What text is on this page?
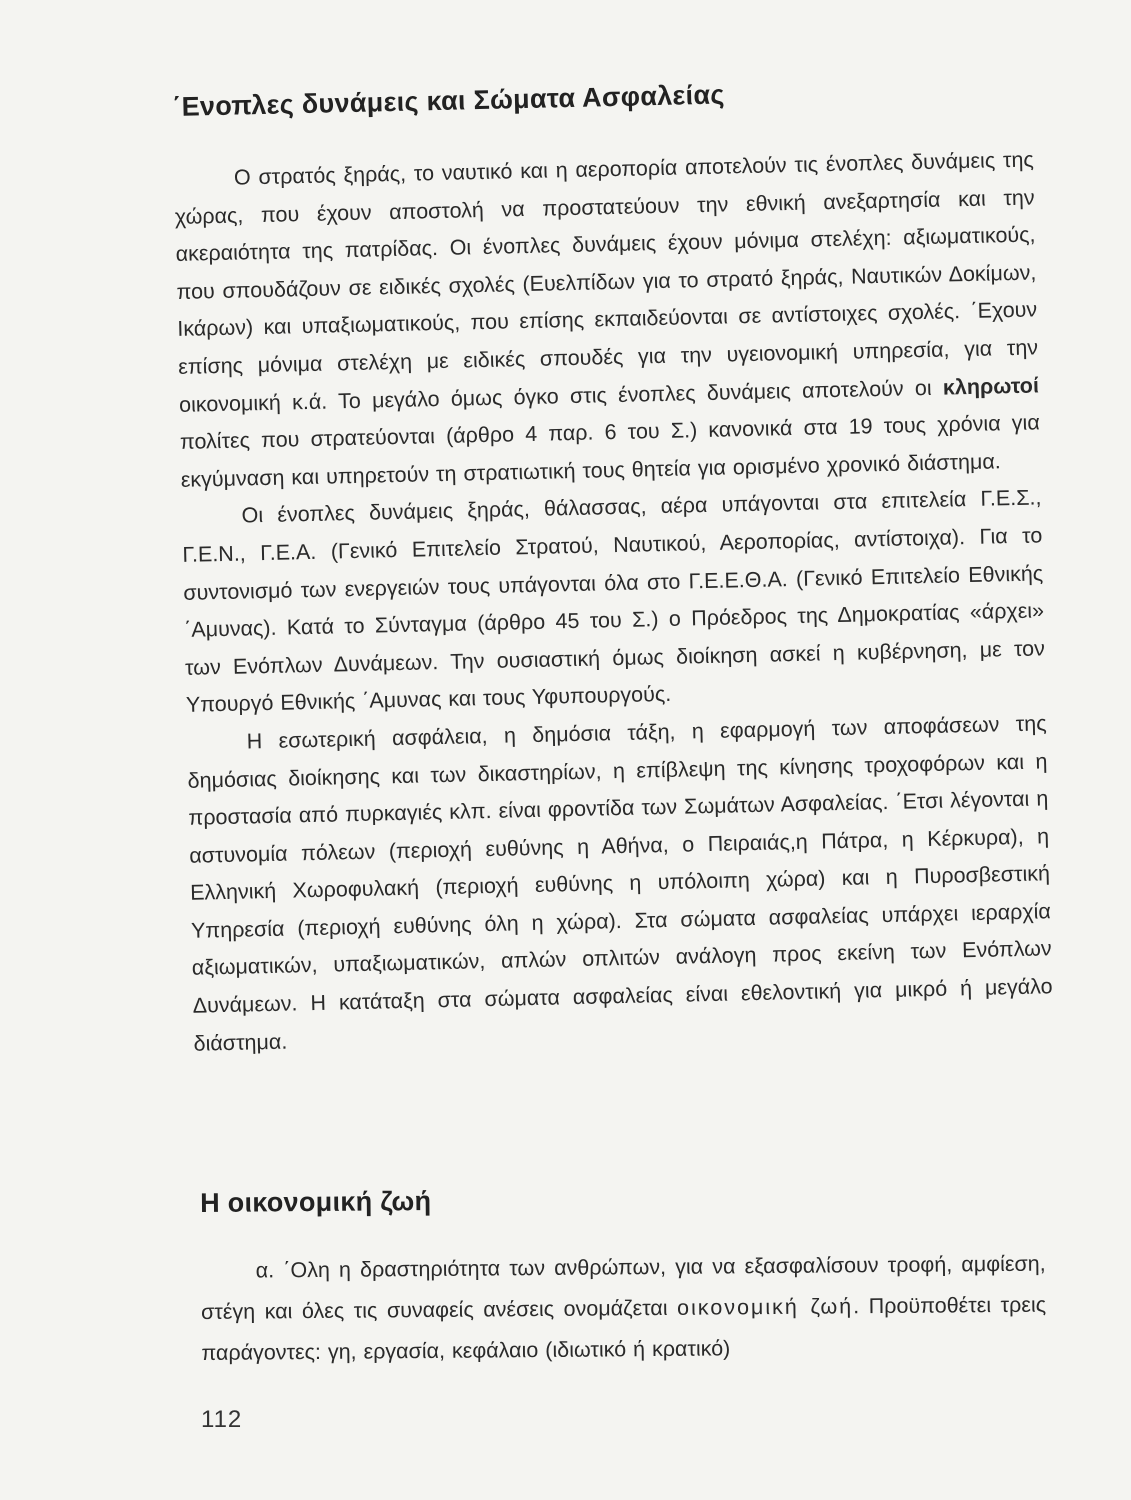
΄Ενοπλες δυνάμεις και Σώματα Ασφαλείας

Ο στρατός ξηράς, το ναυτικό και η αεροπορία αποτελούν τις ένοπλες δυνάμεις της χώρας, που έχουν αποστολή να προστατεύουν την εθνική ανεξαρτησία και την ακεραιότητα της πατρίδας. Οι ένοπλες δυνάμεις έχουν μόνιμα στελέχη: αξιωματικούς, που σπουδάζουν σε ειδικές σχολές (Ευελπίδων για το στρατό ξηράς, Ναυτικών Δοκίμων, Ικάρων) και υπαξιωματικούς, που επίσης εκπαιδεύονται σε αντίστοιχες σχολές. ΄Εχουν επίσης μόνιμα στελέχη με ειδικές σπουδές για την υγειονομική υπηρεσία, για την οικονομική κ.ά. Το μεγάλο όμως όγκο στις ένοπλες δυνάμεις αποτελούν οι κληρωτοί πολίτες που στρατεύονται (άρθρο 4 παρ. 6 του Σ.) κανονικά στα 19 τους χρόνια για εκγύμναση και υπηρετούν τη στρατιωτική τους θητεία για ορισμένο χρονικό διάστημα.

Οι ένοπλες δυνάμεις ξηράς, θάλασσας, αέρα υπάγονται στα επιτελεία Γ.Ε.Σ., Γ.Ε.Ν., Γ.Ε.Α. (Γενικό Επιτελείο Στρατού, Ναυτικού, Αεροπορίας, αντίστοιχα). Για το συντονισμό των ενεργειών τους υπάγονται όλα στο Γ.Ε.Ε.Θ.Α. (Γενικό Επιτελείο Εθνικής ΄Αμυνας). Κατά το Σύνταγμα (άρθρο 45 του Σ.) ο Πρόεδρος της Δημοκρατίας «άρχει» των Ενόπλων Δυνάμεων. Την ουσιαστική όμως διοίκηση ασκεί η κυβέρνηση, με τον Υπουργό Εθνικής ΄Αμυνας και τους Υφυπουργούς.

Η εσωτερική ασφάλεια, η δημόσια τάξη, η εφαρμογή των αποφάσεων της δημόσιας διοίκησης και των δικαστηρίων, η επίβλεψη της κίνησης τροχοφόρων και η προστασία από πυρκαγιές κλπ. είναι φροντίδα των Σωμάτων Ασφαλείας. ΄Ετσι λέγονται η αστυνομία πόλεων (περιοχή ευθύνης η Αθήνα, ο Πειραιάς,η Πάτρα, η Κέρκυρα), η Ελληνική Χωροφυλακή (περιοχή ευθύνης η υπόλοιπη χώρα) και η Πυροσβεστική Υπηρεσία (περιοχή ευθύνης όλη η χώρα). Στα σώματα ασφαλείας υπάρχει ιεραρχία αξιωματικών, υπαξιωματικών, απλών οπλιτών ανάλογη προς εκείνη των Ενόπλων Δυνάμεων. Η κατάταξη στα σώματα ασφαλείας είναι εθελοντική για μικρό ή μεγάλο διάστημα.

Η οικονομική ζωή

α. ΄Ολη η δραστηριότητα των ανθρώπων, για να εξασφαλίσουν τροφή, αμφίεση, στέγη και όλες τις συναφείς ανέσεις ονομάζεται οικονομική ζωή. Προϋποθέτει τρεις παράγοντες: γη, εργασία, κεφάλαιο (ιδιωτικό ή κρατικό)

112
